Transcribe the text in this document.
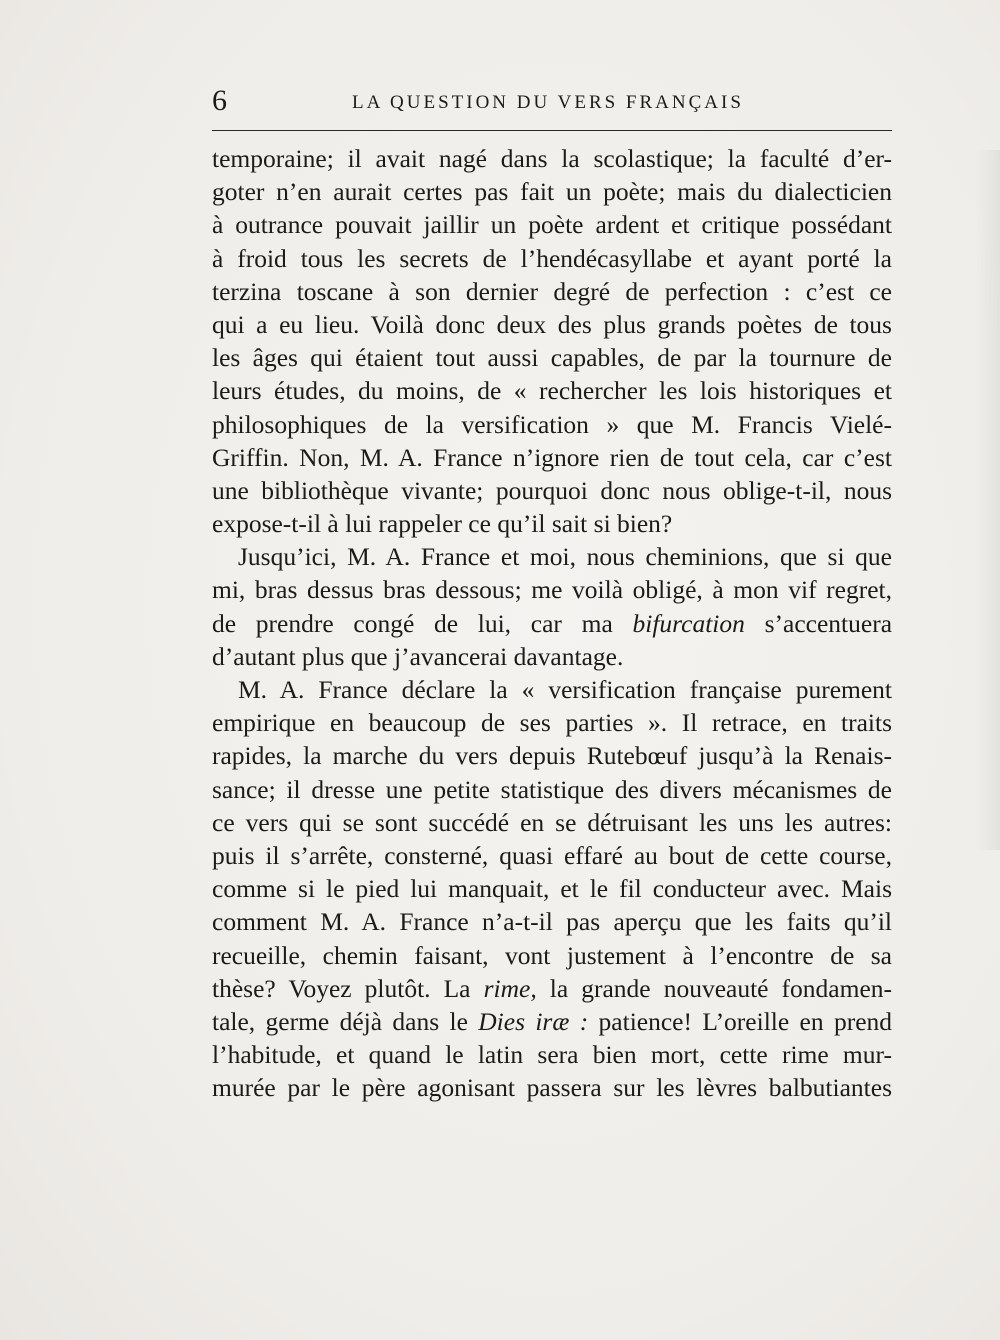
6	LA QUESTION DU VERS FRANÇAIS
temporaine; il avait nagé dans la scolastique; la faculté d’er-
goter n’en aurait certes pas fait un poète; mais du dialecticien
à outrance pouvait jaillir un poète ardent et critique possédant
à froid tous les secrets de l’hendécasyllabe et ayant porté la
terzina toscane à son dernier degré de perfection : c’est ce
qui a eu lieu. Voilà donc deux des plus grands poètes de tous
les âges qui étaient tout aussi capables, de par la tournure de
leurs études, du moins, de « rechercher les lois historiques et
philosophiques de la versification » que M. Francis Vielé-
Griffin. Non, M. A. France n’ignore rien de tout cela, car c’est
une bibliothèque vivante; pourquoi donc nous oblige-t-il, nous
expose-t-il à lui rappeler ce qu’il sait si bien?
Jusqu’ici, M. A. France et moi, nous cheminions, que si que
mi, bras dessus bras dessous; me voilà obligé, à mon vif regret,
de prendre congé de lui, car ma bifurcation s’accentuera
d’autant plus que j’avancerai davantage.
M. A. France déclare la « versification française purement
empirique en beaucoup de ses parties ». Il retrace, en traits
rapides, la marche du vers depuis Rutebœuf jusqu’à la Renais-
sance; il dresse une petite statistique des divers mécanismes de
ce vers qui se sont succédé en se détruisant les uns les autres:
puis il s’arrête, consterné, quasi effaré au bout de cette course,
comme si le pied lui manquait, et le fil conducteur avec. Mais
comment M. A. France n’a-t-il pas aperçu que les faits qu’il
recueille, chemin faisant, vont justement à l’encontre de sa
thèse? Voyez plutôt. La rime, la grande nouveauté fondamen-
tale, germe déjà dans le Dies iræ : patience! L’oreille en prend
l’habitude, et quand le latin sera bien mort, cette rime mur-
murée par le père agonisant passera sur les lèvres balbutiantes
